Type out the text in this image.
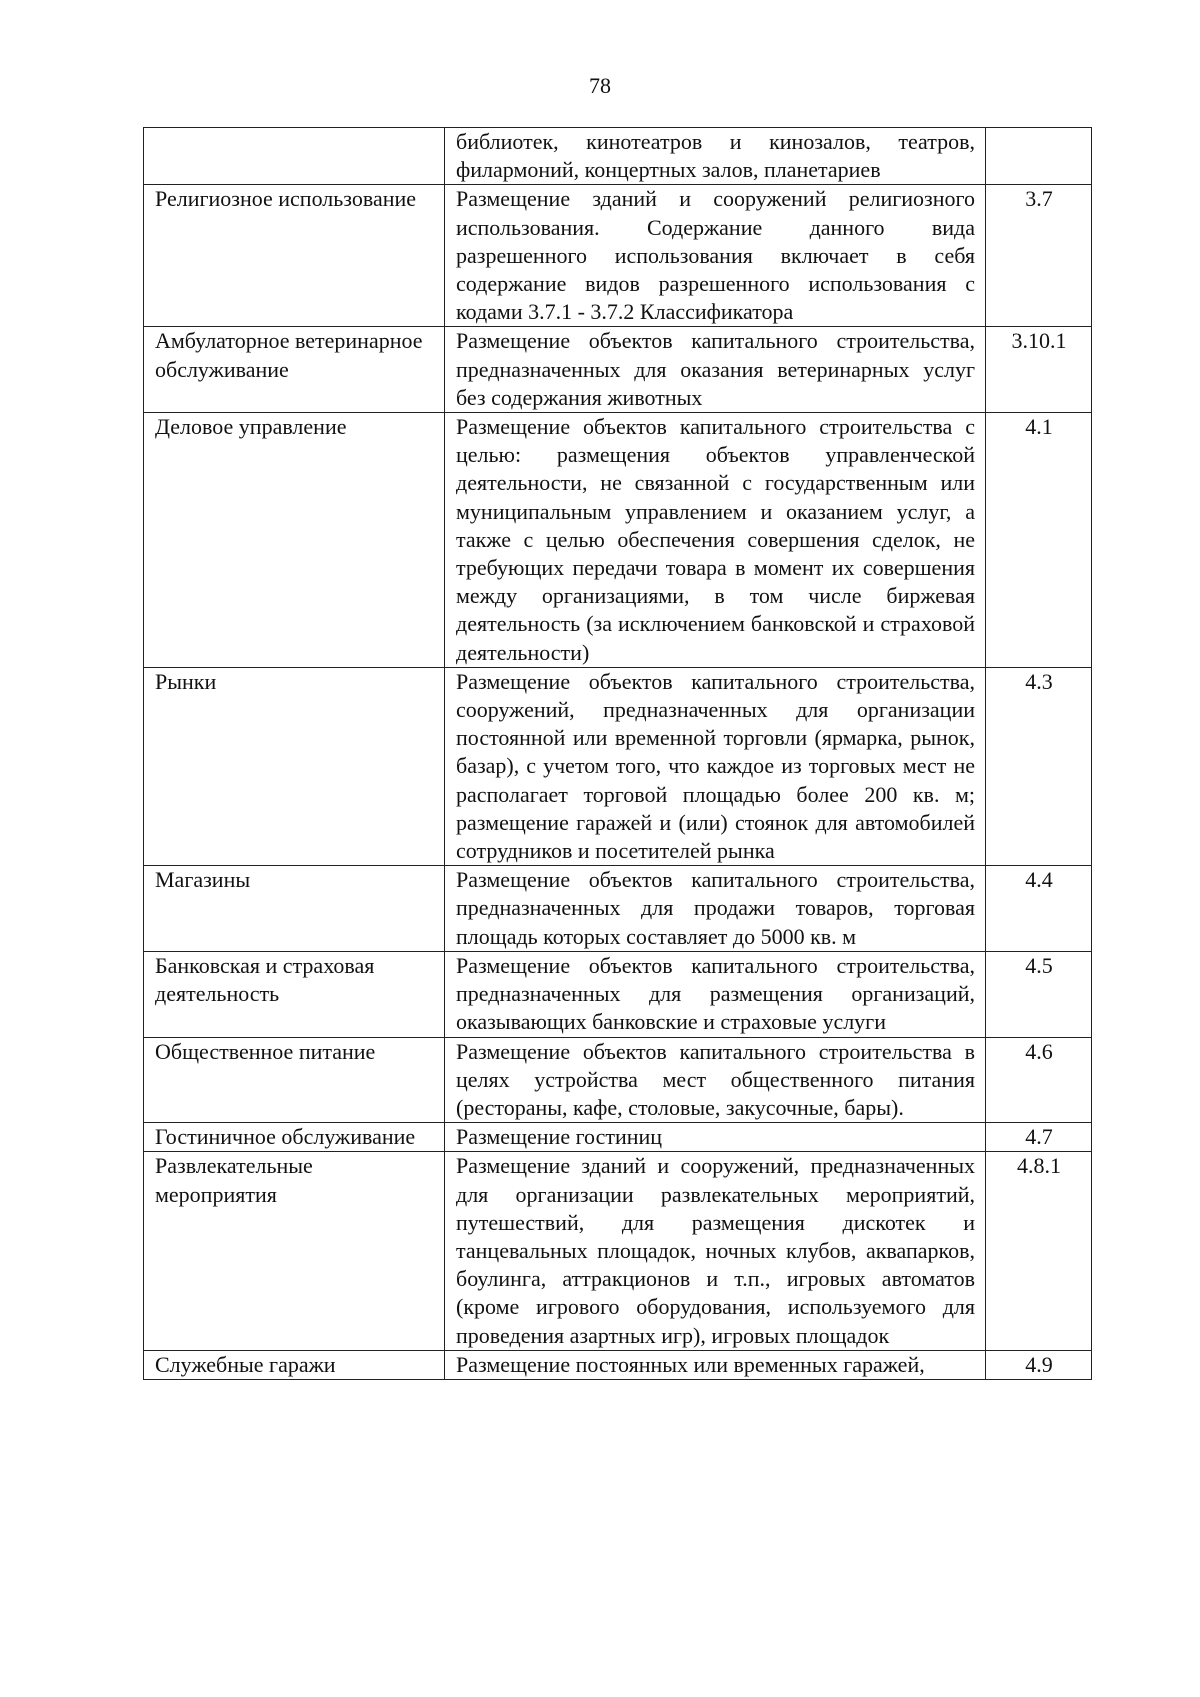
78
	библиотек, кинотеатров и кинозалов, театров, филармоний, концертных залов, планетариев	
Религиозное использование	Размещение зданий и сооружений религиозного использования. Содержание данного вида разрешенного использования включает в себя содержание видов разрешенного использования с кодами 3.7.1 - 3.7.2 Классификатора	3.7
Амбулаторное ветеринарное обслуживание	Размещение объектов капитального строительства, предназначенных для оказания ветеринарных услуг без содержания животных	3.10.1
Деловое управление	Размещение объектов капитального строительства с целью: размещения объектов управленческой деятельности, не связанной с государственным или муниципальным управлением и оказанием услуг, а также с целью обеспечения совершения сделок, не требующих передачи товара в момент их совершения между организациями, в том числе биржевая деятельность (за исключением банковской и страховой деятельности)	4.1
Рынки	Размещение объектов капитального строительства, сооружений, предназначенных для организации постоянной или временной торговли (ярмарка, рынок, базар), с учетом того, что каждое из торговых мест не располагает торговой площадью более 200 кв. м; размещение гаражей и (или) стоянок для автомобилей сотрудников и посетителей рынка	4.3
Магазины	Размещение объектов капитального строительства, предназначенных для продажи товаров, торговая площадь которых составляет до 5000 кв. м	4.4
Банковская и страховая деятельность	Размещение объектов капитального строительства, предназначенных для размещения организаций, оказывающих банковские и страховые услуги	4.5
Общественное питание	Размещение объектов капитального строительства в целях устройства мест общественного питания (рестораны, кафе, столовые, закусочные, бары).	4.6
Гостиничное обслуживание	Размещение гостиниц	4.7
Развлекательные мероприятия	Размещение зданий и сооружений, предназначенных для организации развлекательных мероприятий, путешествий, для размещения дискотек и танцевальных площадок, ночных клубов, аквапарков, боулинга, аттракционов и т.п., игровых автоматов (кроме игрового оборудования, используемого для проведения азартных игр), игровых площадок	4.8.1
Служебные гаражи	Размещение постоянных или временных гаражей,	4.9
